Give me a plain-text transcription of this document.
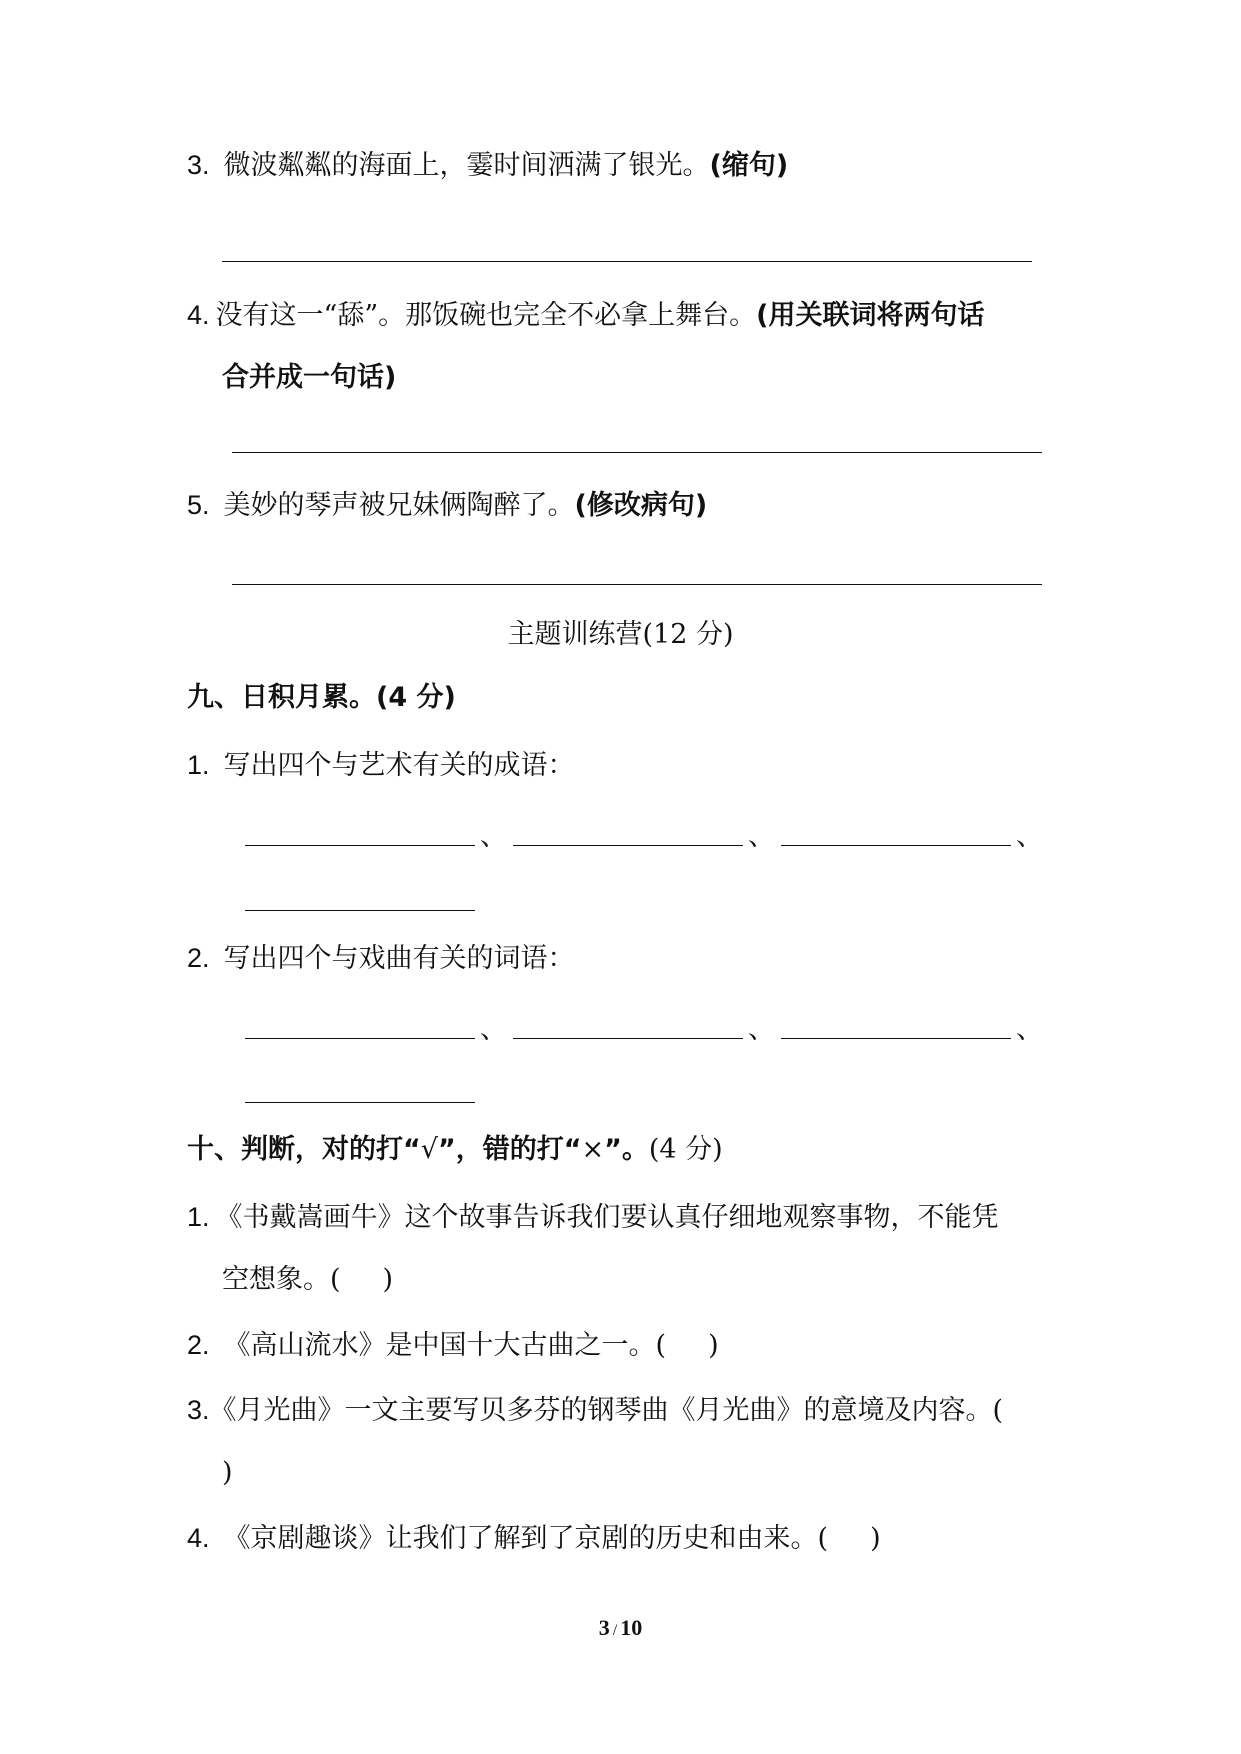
3. 微波粼粼的海面上，霎时间洒满了银光。(缩句)
4. 没有这一“舔”。那饭碗也完全不必拿上舞台。(用关联词将两句话
合并成一句话)
5. 美妙的琴声被兄妹俩陶醉了。(修改病句)
主题训练营(12 分)
九、日积月累。(4 分)
1. 写出四个与艺术有关的成语：
、	、	、
2. 写出四个与戏曲有关的词语：
、	、	、
十、判断，对的打“√”，错的打“×”。(4 分)
1. 《书戴嵩画牛》这个故事告诉我们要认真仔细地观察事物，不能凭
空想象。( )
2. 《高山流水》是中国十大古曲之一。( )
3.《月光曲》一文主要写贝多芬的钢琴曲《月光曲》的意境及内容。(
)
4. 《京剧趣谈》让我们了解到了京剧的历史和由来。( )
3 / 10
